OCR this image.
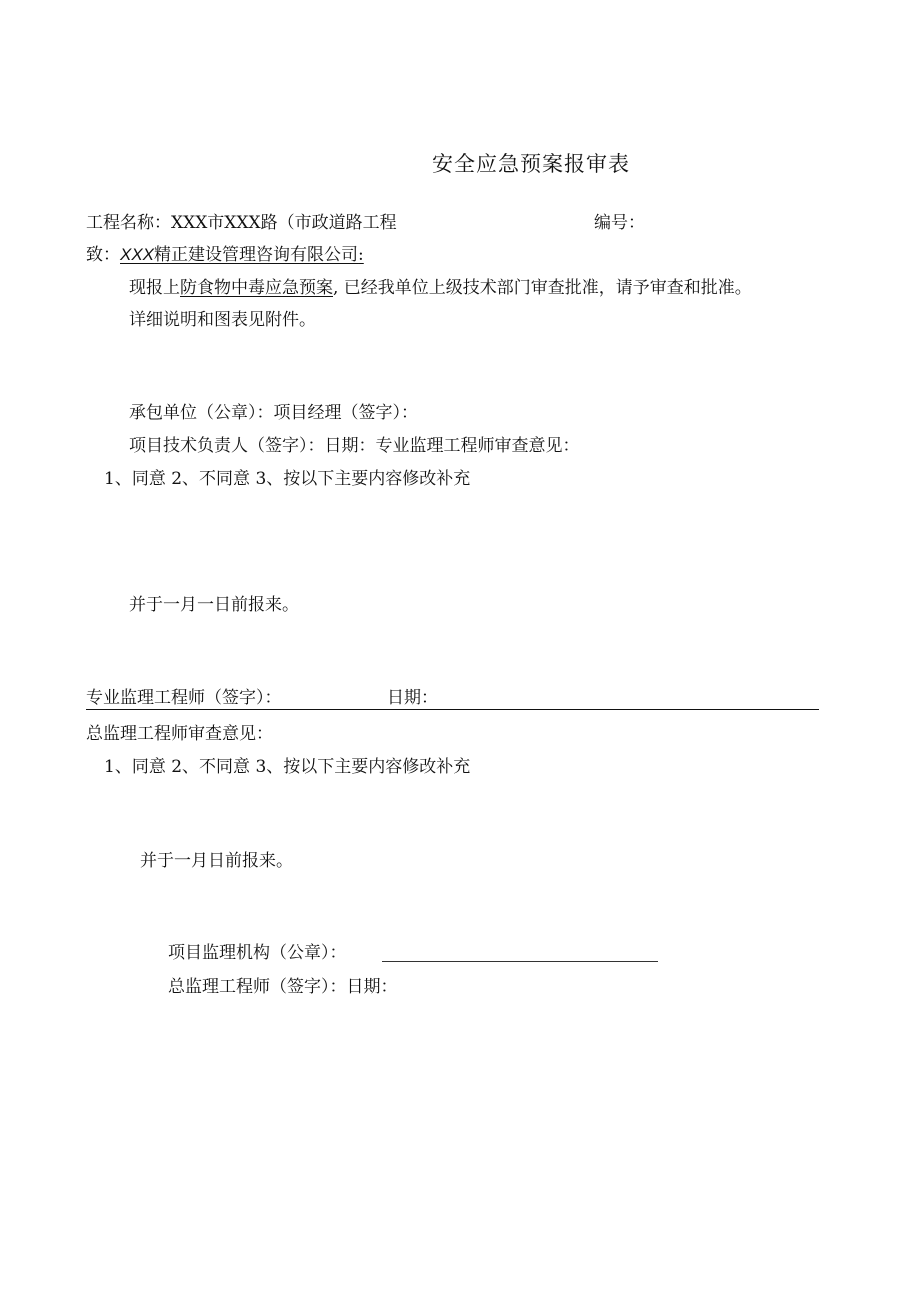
安全应急预案报审表
工程名称：XXX市XXX路（市政道路工程	编号：
致：XXX精正建设管理咨询有限公司:
现报上防食物中毒应急预案, 已经我单位上级技术部门审查批准，请予审查和批准。
详细说明和图表见附件。
承包单位（公章）：项目经理（签字）：
项目技术负责人（签字）：日期：专业监理工程师审查意见：
1、同意 2、不同意 3、按以下主要内容修改补充
并于一月一日前报来。
专业监理工程师（签字）：	日期：
总监理工程师审查意见：
1、同意 2、不同意 3、按以下主要内容修改补充
并于一月日前报来。
项目监理机构（公章）：
总监理工程师（签字）：日期：
